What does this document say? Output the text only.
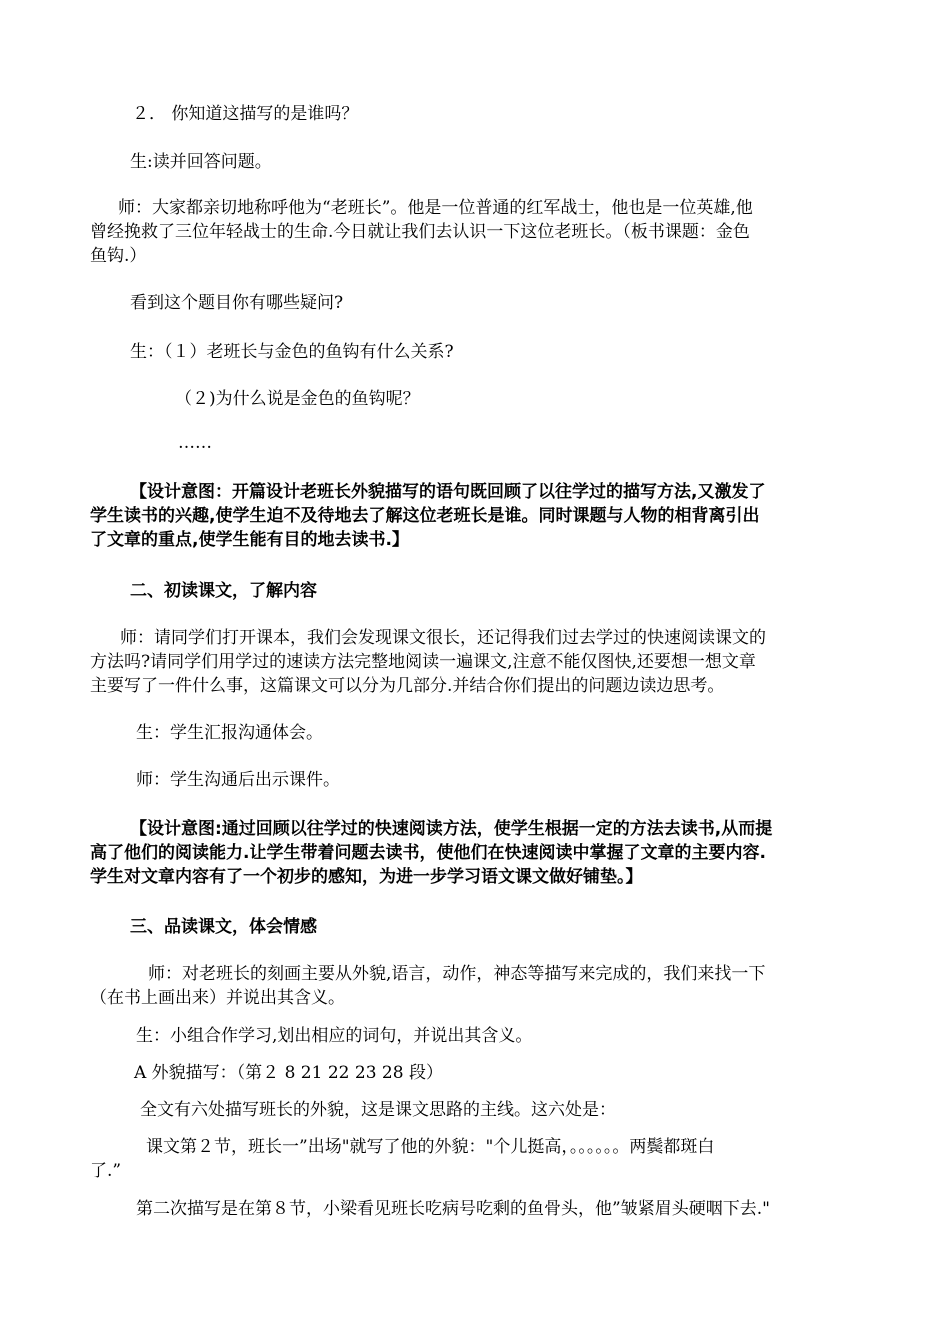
２． 你知道这描写的是谁吗？

生:读并回答问题。

师：大家都亲切地称呼他为“老班长”。他是一位普通的红军战士，他也是一位英雄,他

曾经挽救了三位年轻战士的生命.今日就让我们去认识一下这位老班长。（板书课题：金色

鱼钩.）

看到这个题目你有哪些疑问?

生：（１）老班长与金色的鱼钩有什么关系?

（２)为什么说是金色的鱼钩呢？

……

【设计意图：开篇设计老班长外貌描写的语句既回顾了以往学过的描写方法,又激发了

学生读书的兴趣,使学生迫不及待地去了解这位老班长是谁。同时课题与人物的相背离引出

了文章的重点,使学生能有目的地去读书.】

二、初读课文，了解内容

师：请同学们打开课本，我们会发现课文很长，还记得我们过去学过的快速阅读课文的

方法吗?请同学们用学过的速读方法完整地阅读一遍课文,注意不能仅图快,还要想一想文章

主要写了一件什么事，这篇课文可以分为几部分.并结合你们提出的问题边读边思考。

生：学生汇报沟通体会。

师：学生沟通后出示课件。

【设计意图:通过回顾以往学过的快速阅读方法，使学生根据一定的方法去读书,从而提

高了他们的阅读能力.让学生带着问题去读书，使他们在快速阅读中掌握了文章的主要内容.

学生对文章内容有了一个初步的感知，为进一步学习语文课文做好铺垫。】

三、品读课文，体会情感

师：对老班长的刻画主要从外貌,语言，动作，神态等描写来完成的，我们来找一下

（在书上画出来）并说出其含义。

生：小组合作学习,划出相应的词句，并说出其含义。

A 外貌描写：（第２ 8 21 22 23 28 段）

全文有六处描写班长的外貌，这是课文思路的主线。这六处是：

课文第２节，班长一”出场"就写了他的外貌："个儿挺高，。。。。。。两鬓都斑白

了.”

第二次描写是在第８节，小梁看见班长吃病号吃剩的鱼骨头，他”皱紧眉头硬咽下去."
